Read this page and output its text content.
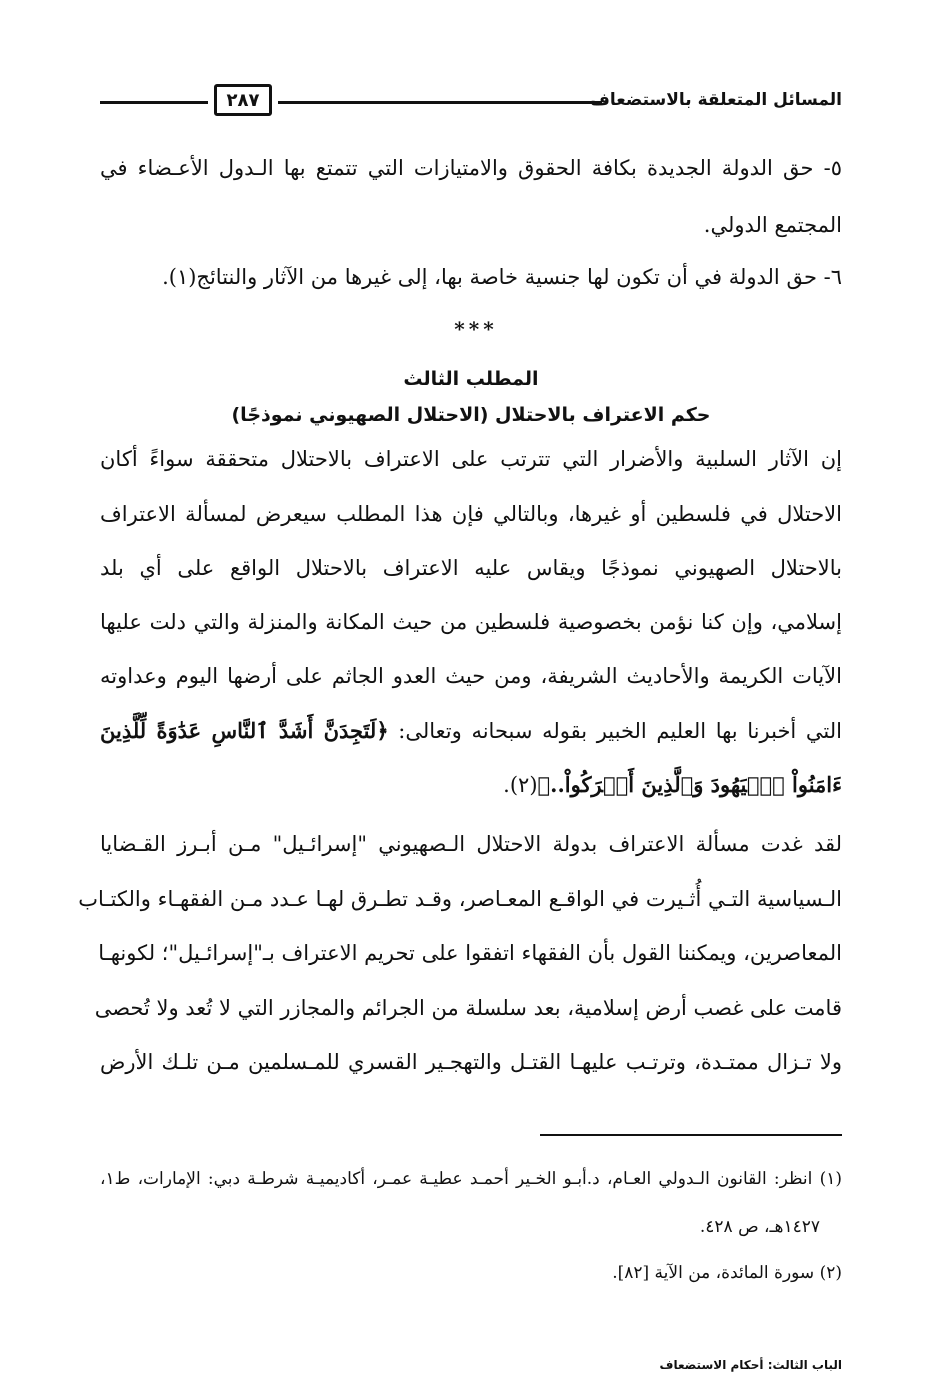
المسائل المتعلقة بالاستضعاف
٢٨٧
٥- حق الدولة الجديدة بكافة الحقوق والامتيازات التي تتمتع بها الـدول الأعـضاء في
المجتمع الدولي.
٦- حق الدولة في أن تكون لها جنسية خاصة بها، إلى غيرها من الآثار والنتائج(١).
***
المطلب الثالث
حكم الاعتراف بالاحتلال (الاحتلال الصهيوني نموذجًا)
إن الآثار السلبية والأضرار التي تترتب على الاعتراف بالاحتلال متحققة سواءً أكان
الاحتلال في فلسطين أو غيرها، وبالتالي فإن هذا المطلب سيعرض لمسألة الاعتراف
بالاحتلال الصهيوني نموذجًا ويقاس عليه الاعتراف بالاحتلال الواقع على أي بلد
إسلامي، وإن كنا نؤمن بخصوصية فلسطين من حيث المكانة والمنزلة والتي دلت عليها
الآيات الكريمة والأحاديث الشريفة، ومن حيث العدو الجاثم على أرضها اليوم وعداوته
التي أخبرنا بها العليم الخبير بقوله سبحانه وتعالى: ﴿لَتَجِدَنَّ أَشَدَّ ٱلنَّاسِ عَدَٰوَةً لِّلَّذِينَ
ءَامَنُواْ ٱلۡيَهُودَ وَٱلَّذِينَ أَشۡرَكُواْ..﴾(٢).
لقد غدت مسألة الاعتراف بدولة الاحتلال الـصهيوني "إسرائـيل" مـن أبـرز القـضايا
الـسياسية التـي أُثـيرت في الواقـع المعـاصر، وقـد تطـرق لهـا عـدد مـن الفقهـاء والكتـاب
المعاصرين، ويمكننا القول بأن الفقهاء اتفقوا على تحريم الاعتراف بـ"إسرائـيل"؛ لكونهـا
قامت على غصب أرض إسلامية، بعد سلسلة من الجرائم والمجازر التي لا تُعد ولا تُحصى
ولا تـزال ممتـدة، وترتـب عليهـا القتـل والتهجـير القسري للمـسلمين مـن تلـك الأرض
(١) انظر: القانون الـدولي العـام، د.أبـو الخـير أحمـد عطيـة عمـر، أكاديميـة شرطـة دبي: الإمارات، ط١،
١٤٢٧هـ، ص ٤٢٨.
(٢) سورة المائدة، من الآية [٨٢].
الباب الثالث: أحكام الاستضعاف
